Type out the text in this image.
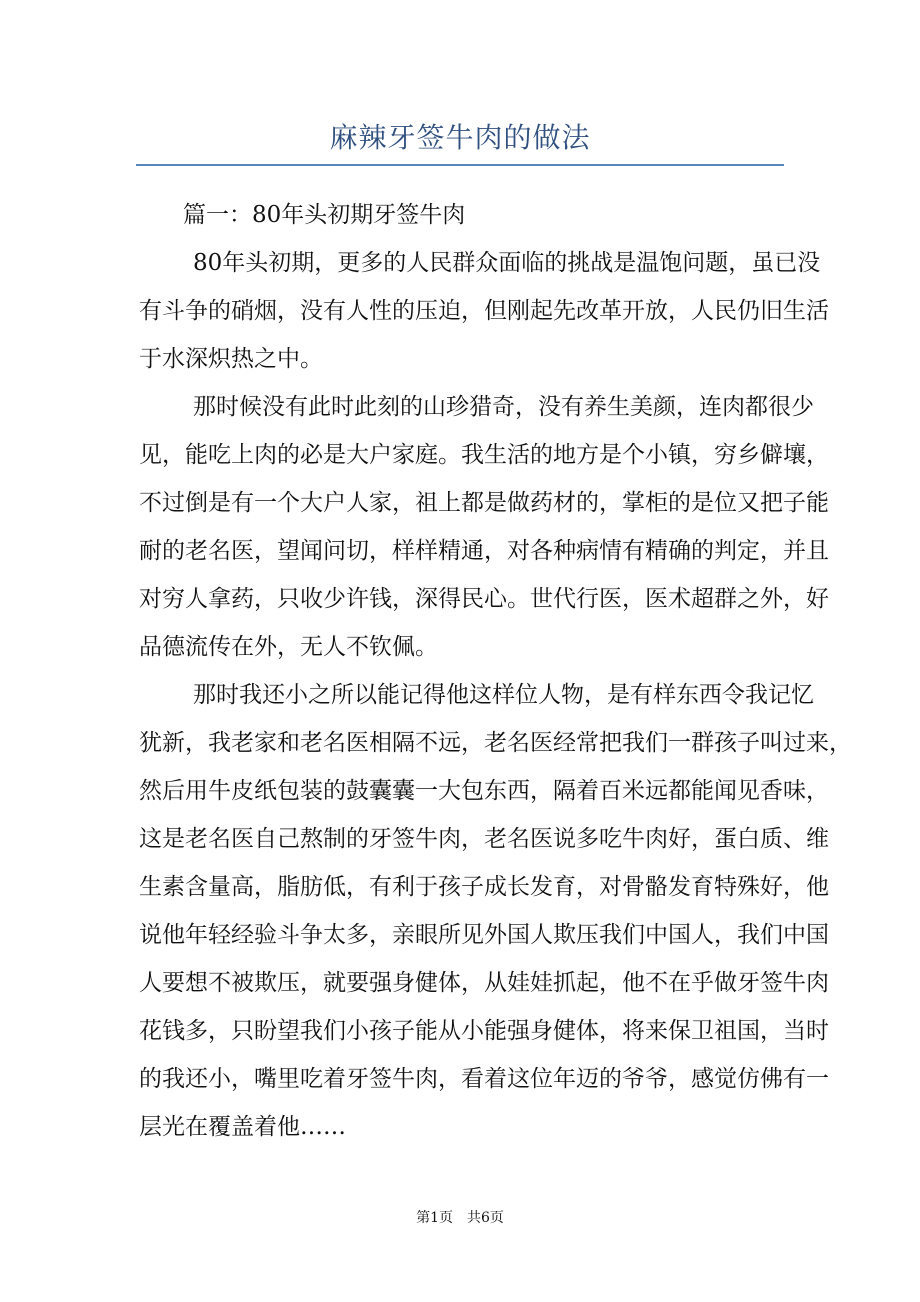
麻辣牙签牛肉的做法
篇一：80年头初期牙签牛肉
80年头初期，更多的人民群众面临的挑战是温饱问题，虽已没
有斗争的硝烟，没有人性的压迫，但刚起先改革开放，人民仍旧生活
于水深炽热之中。
那时候没有此时此刻的山珍猎奇，没有养生美颜，连肉都很少
见，能吃上肉的必是大户家庭。我生活的地方是个小镇，穷乡僻壤，
不过倒是有一个大户人家，祖上都是做药材的，掌柜的是位又把子能
耐的老名医，望闻问切，样样精通，对各种病情有精确的判定，并且
对穷人拿药，只收少许钱，深得民心。世代行医，医术超群之外，好
品德流传在外，无人不钦佩。
那时我还小之所以能记得他这样位人物，是有样东西令我记忆
犹新，我老家和老名医相隔不远，老名医经常把我们一群孩子叫过来，
然后用牛皮纸包装的鼓囊囊一大包东西，隔着百米远都能闻见香味，
这是老名医自己熬制的牙签牛肉，老名医说多吃牛肉好，蛋白质、维
生素含量高，脂肪低，有利于孩子成长发育，对骨骼发育特殊好，他
说他年轻经验斗争太多，亲眼所见外国人欺压我们中国人，我们中国
人要想不被欺压，就要强身健体，从娃娃抓起，他不在乎做牙签牛肉
花钱多，只盼望我们小孩子能从小能强身健体，将来保卫祖国，当时
的我还小，嘴里吃着牙签牛肉，看着这位年迈的爷爷，感觉仿佛有一
层光在覆盖着他……
第1页　共6页
